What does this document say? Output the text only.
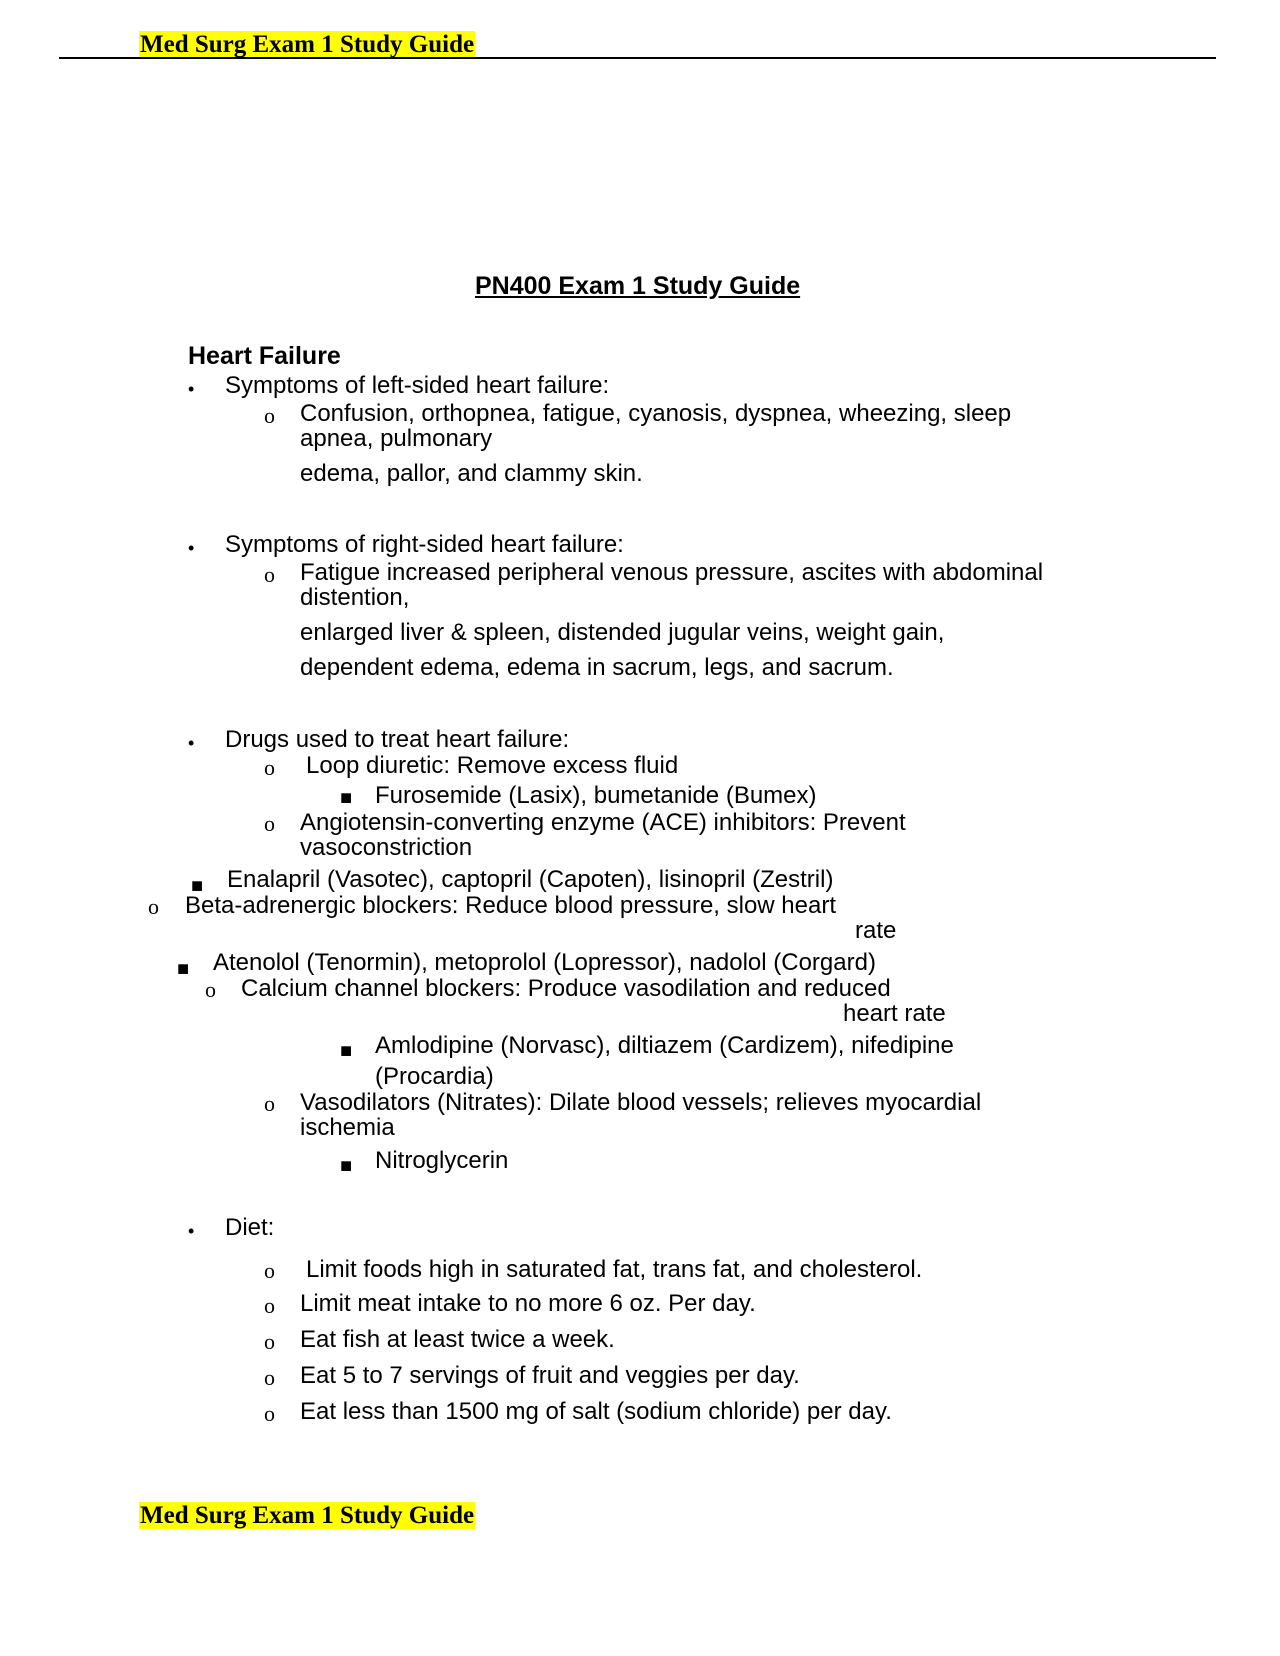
Med Surg Exam 1 Study Guide
PN400 Exam 1 Study Guide
Heart Failure
• Symptoms of left-sided heart failure:
o Confusion, orthopnea, fatigue, cyanosis, dyspnea, wheezing, sleep
apnea, pulmonary
edema, pallor, and clammy skin.
• Symptoms of right-sided heart failure:
o Fatigue increased peripheral venous pressure, ascites with abdominal
distention,
enlarged liver & spleen, distended jugular veins, weight gain,
dependent edema, edema in sacrum, legs, and sacrum.
• Drugs used to treat heart failure:
o Loop diuretic: Remove excess fluid
■ Furosemide (Lasix), bumetanide (Bumex)
o Angiotensin-converting enzyme (ACE) inhibitors: Prevent
vasoconstriction
■ Enalapril (Vasotec), captopril (Capoten), lisinopril (Zestril)
o Beta-adrenergic blockers: Reduce blood pressure, slow heart
rate
■ Atenolol (Tenormin), metoprolol (Lopressor), nadolol (Corgard)
o Calcium channel blockers: Produce vasodilation and reduced
heart rate
■ Amlodipine (Norvasc), diltiazem (Cardizem), nifedipine
(Procardia)
o Vasodilators (Nitrates): Dilate blood vessels; relieves myocardial
ischemia
■ Nitroglycerin
• Diet:
o Limit foods high in saturated fat, trans fat, and cholesterol.
o Limit meat intake to no more 6 oz. Per day.
o Eat fish at least twice a week.
o Eat 5 to 7 servings of fruit and veggies per day.
o Eat less than 1500 mg of salt (sodium chloride) per day.
Med Surg Exam 1 Study Guide
